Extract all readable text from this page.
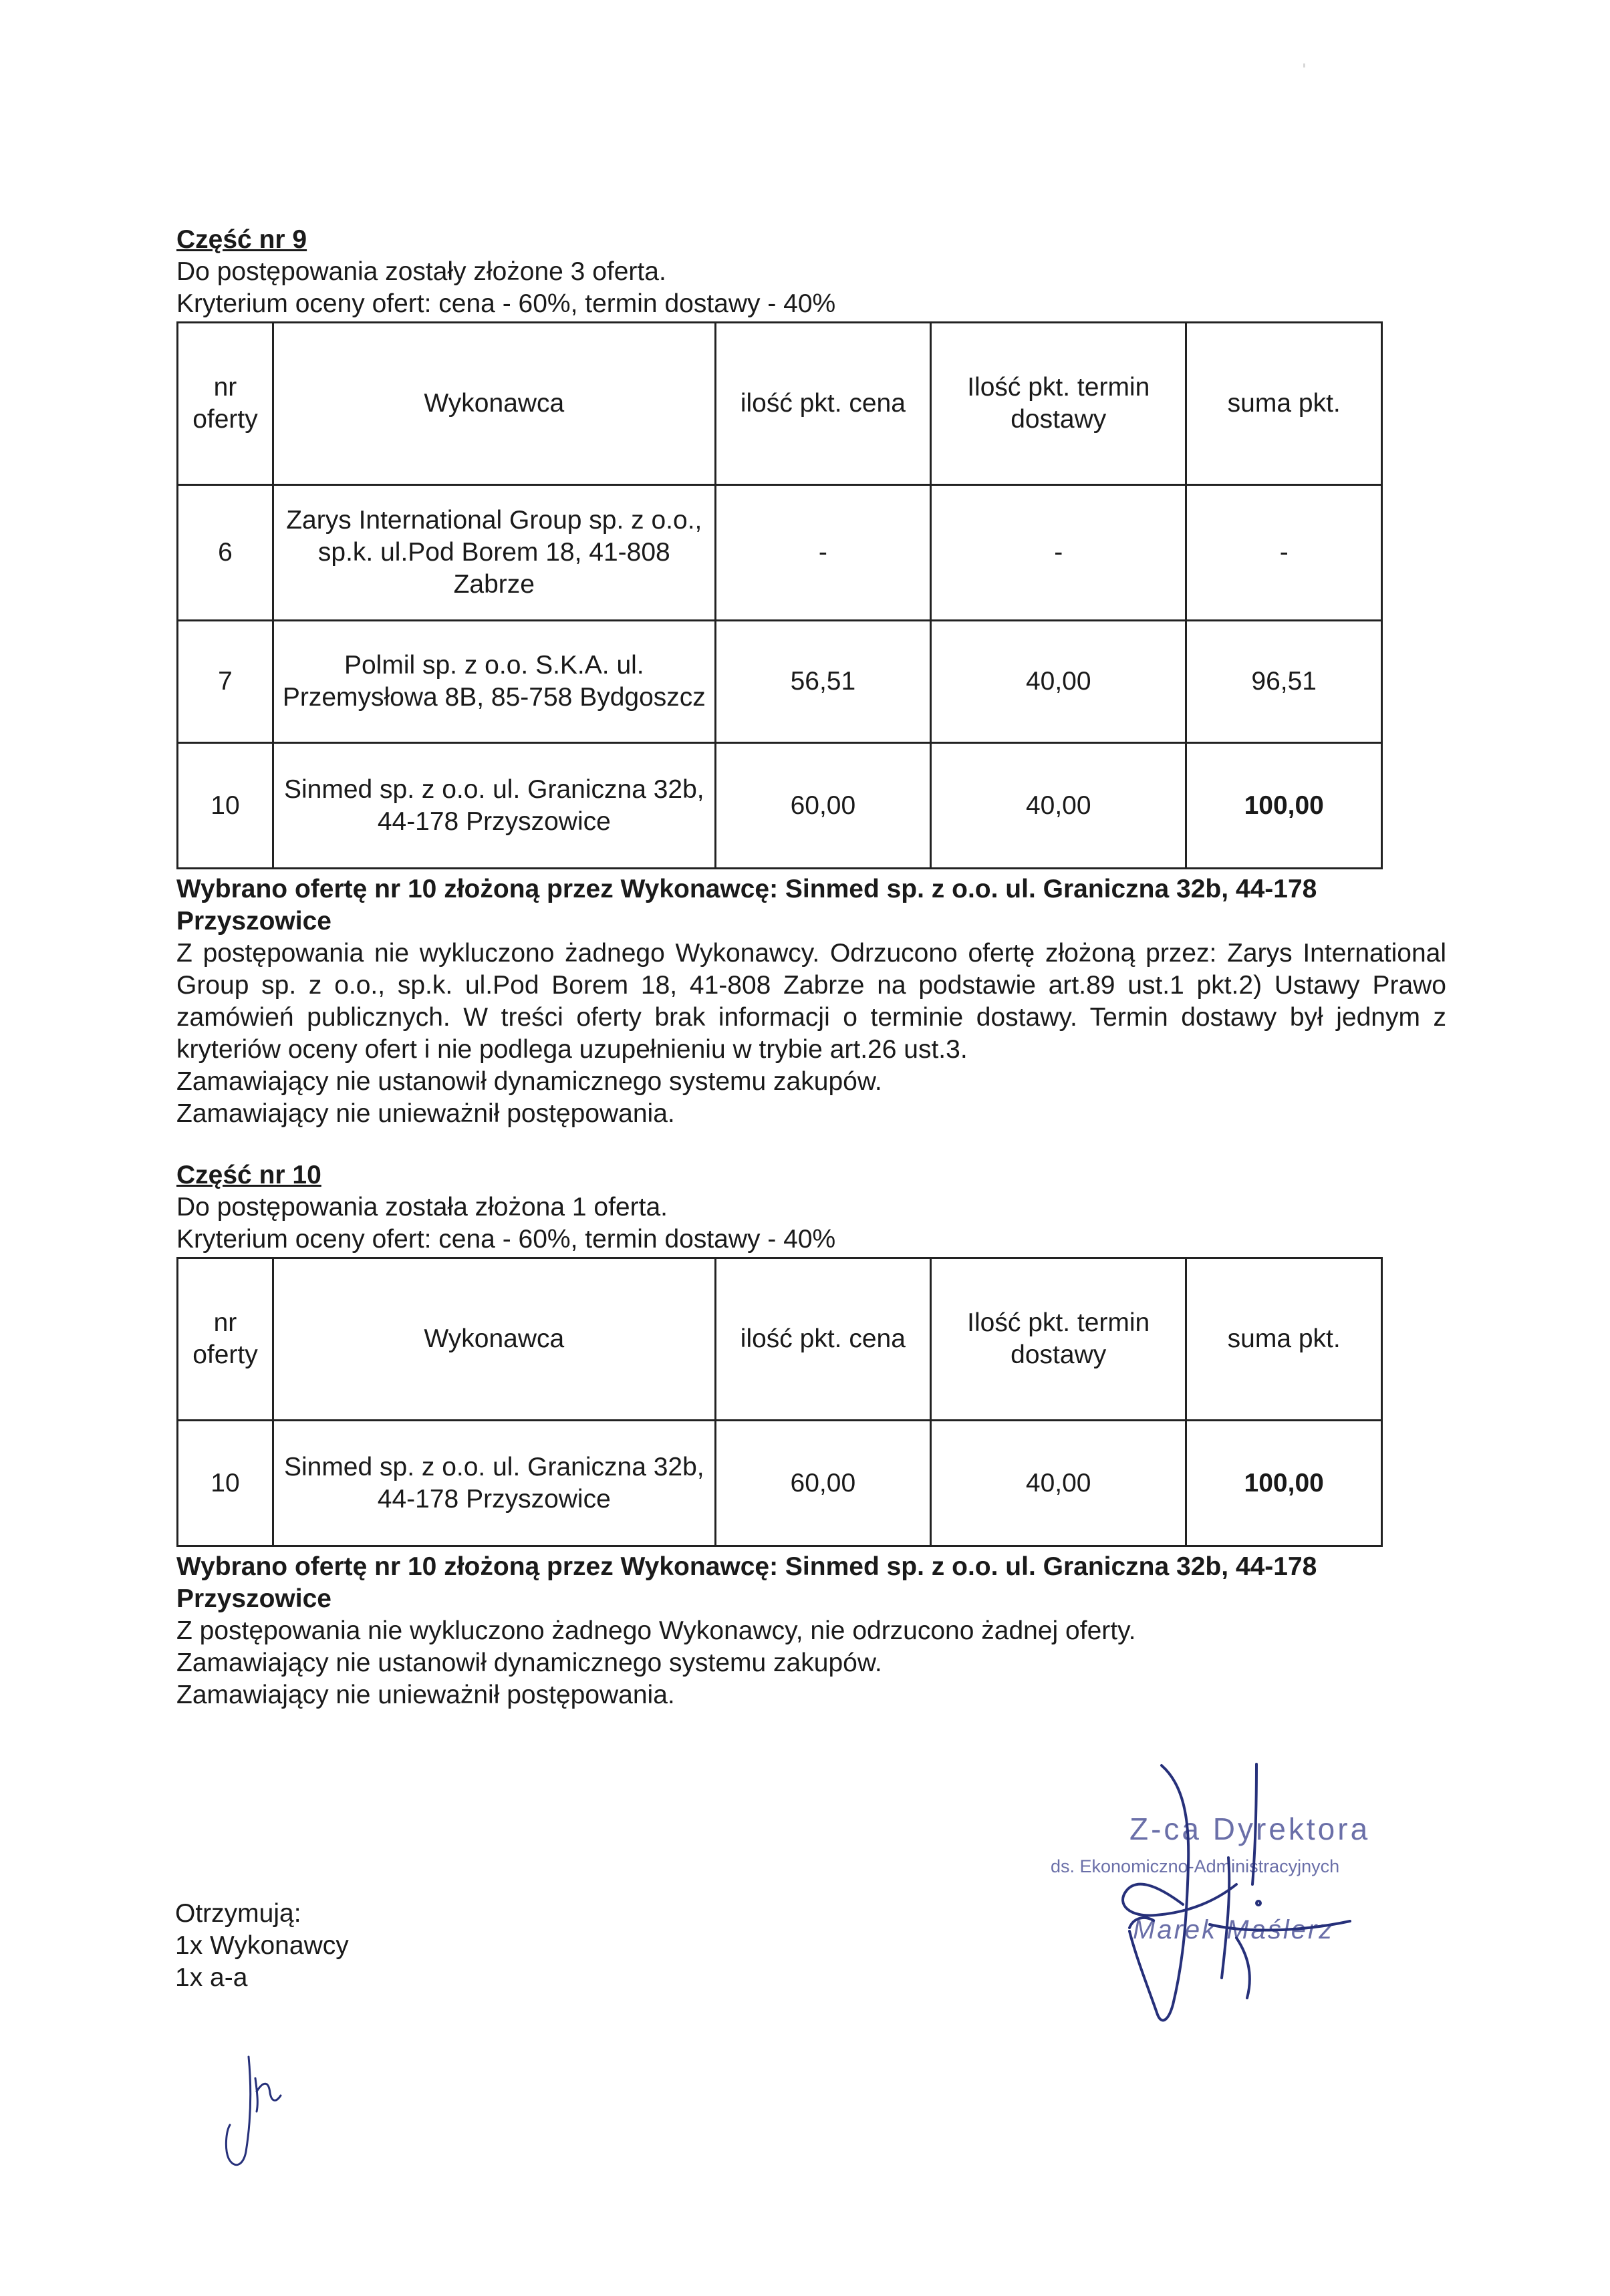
Część nr 9

Do postępowania zostały złożone 3 oferta.

Kryterium oceny ofert: cena - 60%, termin dostawy - 40%

nr oferty	Wykonawca	ilość pkt. cena	Ilość pkt. termin dostawy	suma pkt.
6	Zarys International Group sp. z o.o., sp.k. ul.Pod Borem 18, 41-808 Zabrze	-	-	-
7	Polmil sp. z o.o. S.K.A. ul. Przemysłowa 8B, 85-758 Bydgoszcz	56,51	40,00	96,51
10	Sinmed sp. z o.o. ul. Graniczna 32b, 44-178 Przyszowice	60,00	40,00	100,00

Wybrano ofertę nr 10 złożoną przez Wykonawcę: Sinmed sp. z o.o. ul. Graniczna 32b, 44-178 Przyszowice

Z postępowania nie wykluczono żadnego Wykonawcy. Odrzucono ofertę złożoną przez: Zarys International Group sp. z o.o., sp.k. ul.Pod Borem 18, 41-808 Zabrze na podstawie art.89 ust.1 pkt.2) Ustawy Prawo zamówień publicznych. W treści oferty brak informacji o terminie dostawy. Termin dostawy był jednym z kryteriów oceny ofert i nie podlega uzupełnieniu w trybie art.26 ust.3.

Zamawiający nie ustanowił dynamicznego systemu zakupów.

Zamawiający nie unieważnił postępowania.

Część nr 10

Do postępowania została złożona 1 oferta.

Kryterium oceny ofert: cena - 60%, termin dostawy - 40%

nr oferty	Wykonawca	ilość pkt. cena	Ilość pkt. termin dostawy	suma pkt.
10	Sinmed sp. z o.o. ul. Graniczna 32b, 44-178 Przyszowice	60,00	40,00	100,00

Wybrano ofertę nr 10 złożoną przez Wykonawcę: Sinmed sp. z o.o. ul. Graniczna 32b, 44-178 Przyszowice

Z postępowania nie wykluczono żadnego Wykonawcy, nie odrzucono żadnej oferty.

Zamawiający nie ustanowił dynamicznego systemu zakupów.

Zamawiający nie unieważnił postępowania.

Z-ca Dyrektora
ds. Ekonomiczno-Administracyjnych
Marek Maślerz

Otrzymują:

1x Wykonawcy

1x a-a
